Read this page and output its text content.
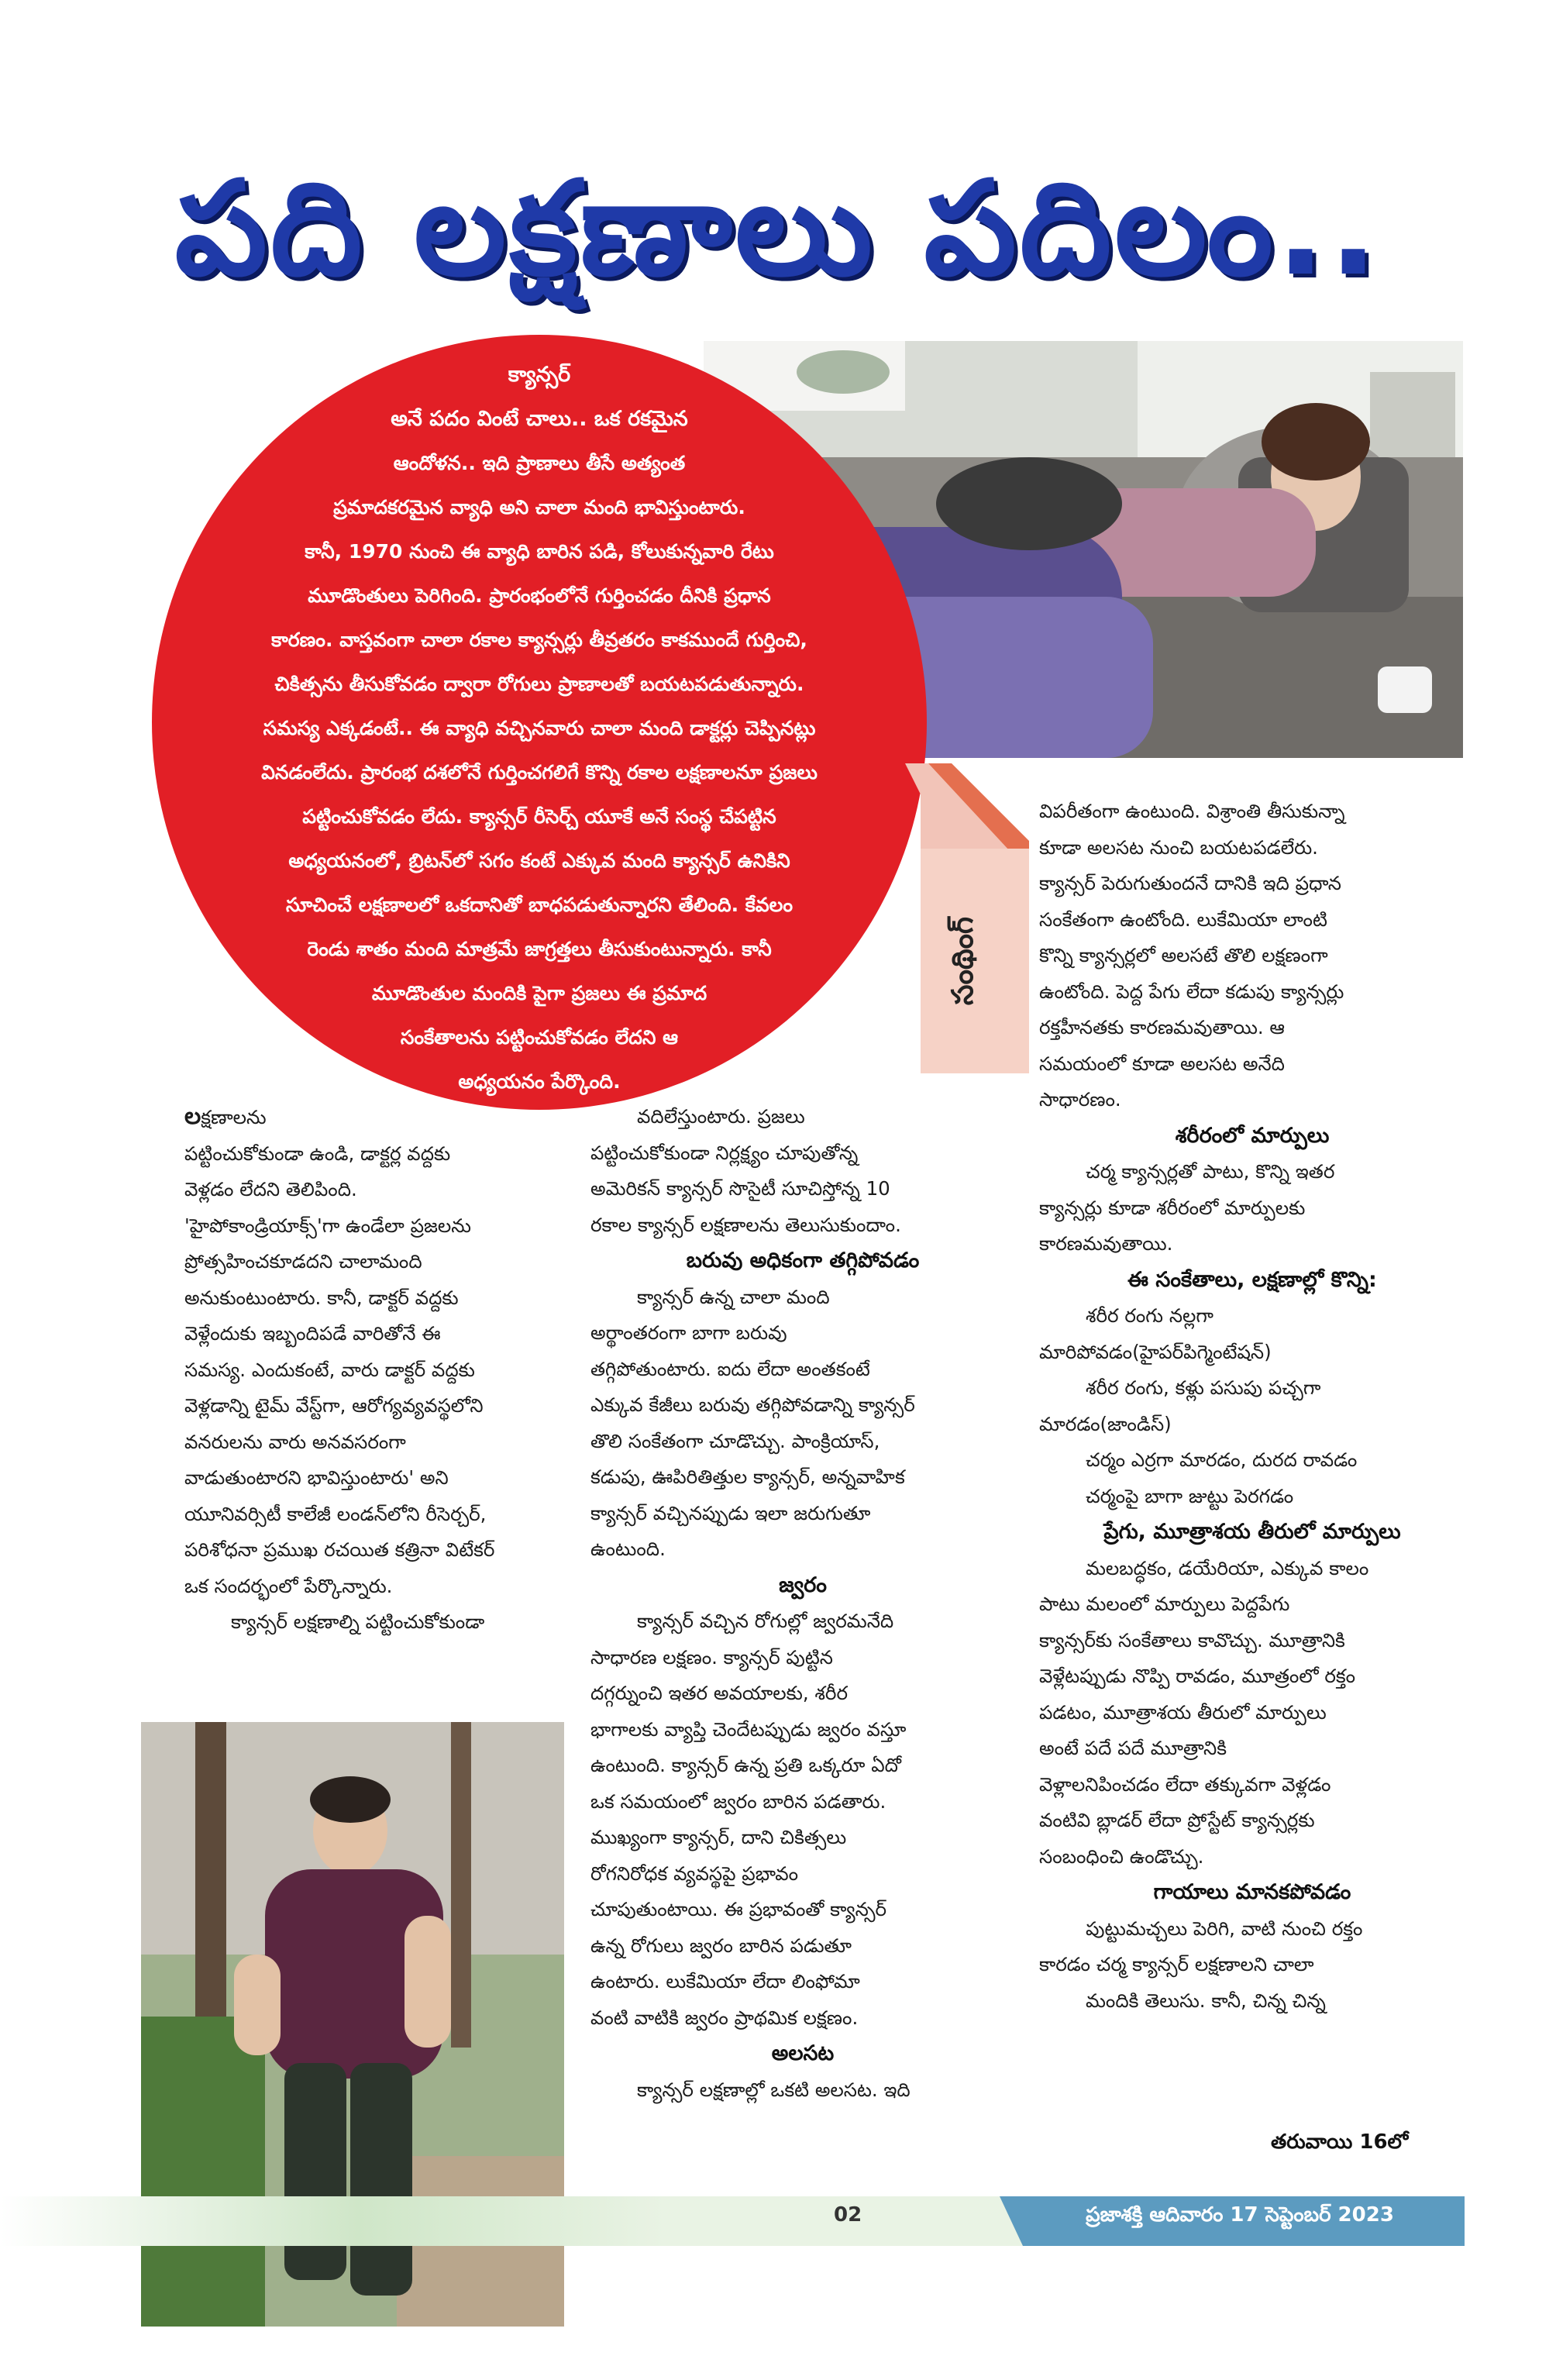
పది లక్షణాలు పదిలం..
క్యాన్సర్
అనే పదం వింటే చాలు.. ఒక రకమైన
ఆందోళన.. ఇది ప్రాణాలు తీసే అత్యంత
ప్రమాదకరమైన వ్యాధి అని చాలా మంది భావిస్తుంటారు.
కానీ, 1970 నుంచి ఈ వ్యాధి బారిన పడి, కోలుకున్నవారి రేటు
మూడొంతులు పెరిగింది. ప్రారంభంలోనే గుర్తించడం దీనికి ప్రధాన
కారణం. వాస్తవంగా చాలా రకాల క్యాన్సర్లు తీవ్రతరం కాకముందే గుర్తించి,
చికిత్సను తీసుకోవడం ద్వారా రోగులు ప్రాణాలతో బయటపడుతున్నారు.
సమస్య ఎక్కడంటే.. ఈ వ్యాధి వచ్చినవారు చాలా మంది డాక్టర్లు చెప్పినట్లు
వినడంలేదు. ప్రారంభ దశలోనే గుర్తించగలిగే కొన్ని రకాల లక్షణాలనూ ప్రజలు
పట్టించుకోవడం లేదు. క్యాన్సర్ రీసెర్చ్ యూకే అనే సంస్థ చేపట్టిన
అధ్యయనంలో, బ్రిటన్‌లో సగం కంటే ఎక్కువ మంది క్యాన్సర్ ఉనికిని
సూచించే లక్షణాలలో ఒకదానితో బాధపడుతున్నారని తేలింది. కేవలం
రెండు శాతం మంది మాత్రమే జాగ్రత్తలు తీసుకుంటున్నారు. కానీ
మూడొంతుల మందికి పైగా ప్రజలు ఈ ప్రమాద
సంకేతాలను పట్టించుకోవడం లేదని ఆ
అధ్యయనం పేర్కొంది.
సంథింగ్

లక్షణాలను

పట్టించుకోకుండా ఉండి, డాక్టర్ల వద్దకు

వెళ్లడం లేదని తెలిపింది.

'హైపోకాండ్రియాక్స్'గా ఉండేలా ప్రజలను

ప్రోత్సహించకూడదని చాలామంది

అనుకుంటుంటారు. కానీ, డాక్టర్ వద్దకు

వెళ్లేందుకు ఇబ్బందిపడే వారితోనే ఈ

సమస్య. ఎందుకంటే, వారు డాక్టర్ వద్దకు

వెళ్లడాన్ని టైమ్ వేస్ట్‌గా, ఆరోగ్యవ్యవస్థలోని

వనరులను వారు అనవసరంగా

వాడుతుంటారని భావిస్తుంటారు' అని

యూనివర్సిటీ కాలేజీ లండన్‌లోని రీసెర్చర్,

పరిశోధనా ప్రముఖ రచయిత కత్రినా విటేకర్

ఒక సందర్భంలో పేర్కొన్నారు.

క్యాన్సర్ లక్షణాల్ని పట్టించుకోకుండా

వదిలేస్తుంటారు. ప్రజలు

పట్టించుకోకుండా నిర్లక్ష్యం చూపుతోన్న

అమెరికన్ క్యాన్సర్ సొసైటీ సూచిస్తోన్న 10

రకాల క్యాన్సర్ లక్షణాలను తెలుసుకుందాం.

బరువు అధికంగా తగ్గిపోవడం

క్యాన్సర్ ఉన్న చాలా మంది

అర్థాంతరంగా బాగా బరువు

తగ్గిపోతుంటారు. ఐదు లేదా అంతకంటే

ఎక్కువ కేజీలు బరువు తగ్గిపోవడాన్ని క్యాన్సర్

తొలి సంకేతంగా చూడొచ్చు. పాంక్రియాస్,

కడుపు, ఊపిరితిత్తుల క్యాన్సర్, అన్నవాహిక

క్యాన్సర్ వచ్చినప్పుడు ఇలా జరుగుతూ

ఉంటుంది.

జ్వరం

క్యాన్సర్ వచ్చిన రోగుల్లో జ్వరమనేది

సాధారణ లక్షణం. క్యాన్సర్ పుట్టిన

దగ్గర్నుంచి ఇతర అవయాలకు, శరీర

భాగాలకు వ్యాప్తి చెందేటప్పుడు జ్వరం వస్తూ

ఉంటుంది. క్యాన్సర్ ఉన్న ప్రతి ఒక్కరూ ఏదో

ఒక సమయంలో జ్వరం బారిన పడతారు.

ముఖ్యంగా క్యాన్సర్, దాని చికిత్సలు

రోగనిరోధక వ్యవస్థపై ప్రభావం

చూపుతుంటాయి. ఈ ప్రభావంతో క్యాన్సర్

ఉన్న రోగులు జ్వరం బారిన పడుతూ

ఉంటారు. లుకేమియా లేదా లింఫోమా

వంటి వాటికి జ్వరం ప్రాథమిక లక్షణం.

అలసట

క్యాన్సర్ లక్షణాల్లో ఒకటి అలసట. ఇది

విపరీతంగా ఉంటుంది. విశ్రాంతి తీసుకున్నా

కూడా అలసట నుంచి బయటపడలేరు.

క్యాన్సర్ పెరుగుతుందనే దానికి ఇది ప్రధాన

సంకేతంగా ఉంటోంది. లుకేమియా లాంటి

కొన్ని క్యాన్సర్లలో అలసటే తొలి లక్షణంగా

ఉంటోంది. పెద్ద పేగు లేదా కడుపు క్యాన్సర్లు

రక్తహీనతకు కారణమవుతాయి. ఆ

సమయంలో కూడా అలసట అనేది

సాధారణం.

శరీరంలో మార్పులు

చర్మ క్యాన్సర్లతో పాటు, కొన్ని ఇతర

క్యాన్సర్లు కూడా శరీరంలో మార్పులకు

కారణమవుతాయి.

ఈ సంకేతాలు, లక్షణాల్లో కొన్ని:

శరీర రంగు నల్లగా

మారిపోవడం(హైపర్‌పిగ్మెంటేషన్)

శరీర రంగు, కళ్లు పసుపు పచ్చగా

మారడం(జాండిస్)

చర్మం ఎర్రగా మారడం, దురద రావడం

చర్మంపై బాగా జుట్టు పెరగడం

ప్రేగు, మూత్రాశయ తీరులో మార్పులు

మలబద్ధకం, డయేరియా, ఎక్కువ కాలం

పాటు మలంలో మార్పులు పెద్దపేగు

క్యాన్సర్‌కు సంకేతాలు కావొచ్చు. మూత్రానికి

వెళ్లేటప్పుడు నొప్పి రావడం, మూత్రంలో రక్తం

పడటం, మూత్రాశయ తీరులో మార్పులు

అంటే పదే పదే మూత్రానికి

వెళ్లాలనిపించడం లేదా తక్కువగా వెళ్లడం

వంటివి బ్లాడర్ లేదా ప్రోస్టేట్ క్యాన్సర్లకు

సంబంధించి ఉండొచ్చు.

గాయాలు మానకపోవడం

పుట్టుమచ్చలు పెరిగి, వాటి నుంచి రక్తం

కారడం చర్మ క్యాన్సర్ లక్షణాలని చాలా

మందికి తెలుసు. కానీ, చిన్న చిన్న

తరువాయి 16లో
02	ప్రజాశక్తి ఆదివారం 17 సెప్టెంబర్ 2023
